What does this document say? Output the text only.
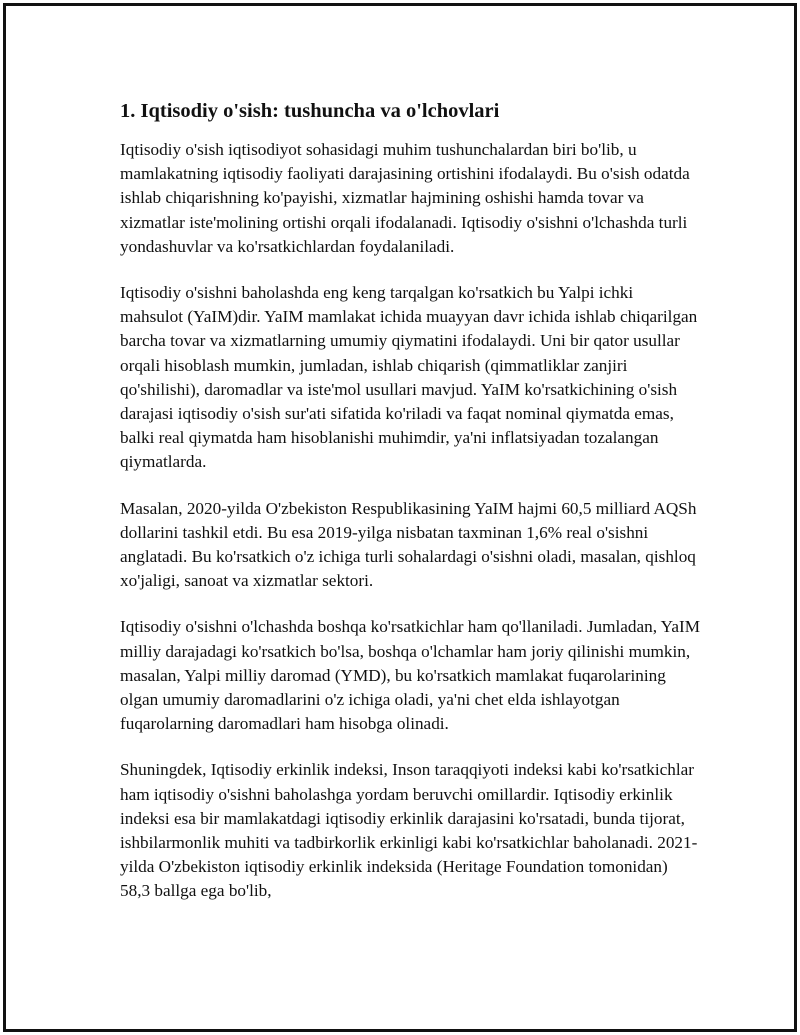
1. Iqtisodiy o'sish: tushuncha va o'lchovlari

Iqtisodiy o'sish iqtisodiyot sohasidagi muhim tushunchalardan biri bo'lib, u mamlakatning iqtisodiy faoliyati darajasining ortishini ifodalaydi. Bu o'sish odatda ishlab chiqarishning ko'payishi, xizmatlar hajmining oshishi hamda tovar va xizmatlar iste'molining ortishi orqali ifodalanadi. Iqtisodiy o'sishni o'lchashda turli yondashuvlar va ko'rsatkichlardan foydalaniladi.

Iqtisodiy o'sishni baholashda eng keng tarqalgan ko'rsatkich bu Yalpi ichki mahsulot (YaIM)dir. YaIM mamlakat ichida muayyan davr ichida ishlab chiqarilgan barcha tovar va xizmatlarning umumiy qiymatini ifodalaydi. Uni bir qator usullar orqali hisoblash mumkin, jumladan, ishlab chiqarish (qimmatliklar zanjiri qo'shilishi), daromadlar va iste'mol usullari mavjud. YaIM ko'rsatkichining o'sish darajasi iqtisodiy o'sish sur'ati sifatida ko'riladi va faqat nominal qiymatda emas, balki real qiymatda ham hisoblanishi muhimdir, ya'ni inflatsiyadan tozalangan qiymatlarda.

Masalan, 2020-yilda O'zbekiston Respublikasining YaIM hajmi 60,5 milliard AQSh dollarini tashkil etdi. Bu esa 2019-yilga nisbatan taxminan 1,6% real o'sishni anglatadi. Bu ko'rsatkich o'z ichiga turli sohalardagi o'sishni oladi, masalan, qishloq xo'jaligi, sanoat va xizmatlar sektori.

Iqtisodiy o'sishni o'lchashda boshqa ko'rsatkichlar ham qo'llaniladi. Jumladan, YaIM milliy darajadagi ko'rsatkich bo'lsa, boshqa o'lchamlar ham joriy qilinishi mumkin, masalan, Yalpi milliy daromad (YMD), bu ko'rsatkich mamlakat fuqarolarining olgan umumiy daromadlarini o'z ichiga oladi, ya'ni chet elda ishlayotgan fuqarolarning daromadlari ham hisobga olinadi.

Shuningdek, Iqtisodiy erkinlik indeksi, Inson taraqqiyoti indeksi kabi ko'rsatkichlar ham iqtisodiy o'sishni baholashga yordam beruvchi omillardir. Iqtisodiy erkinlik indeksi esa bir mamlakatdagi iqtisodiy erkinlik darajasini ko'rsatadi, bunda tijorat, ishbilarmonlik muhiti va tadbirkorlik erkinligi kabi ko'rsatkichlar baholanadi. 2021-yilda O'zbekiston iqtisodiy erkinlik indeksida (Heritage Foundation tomonidan) 58,3 ballga ega bo'lib,
